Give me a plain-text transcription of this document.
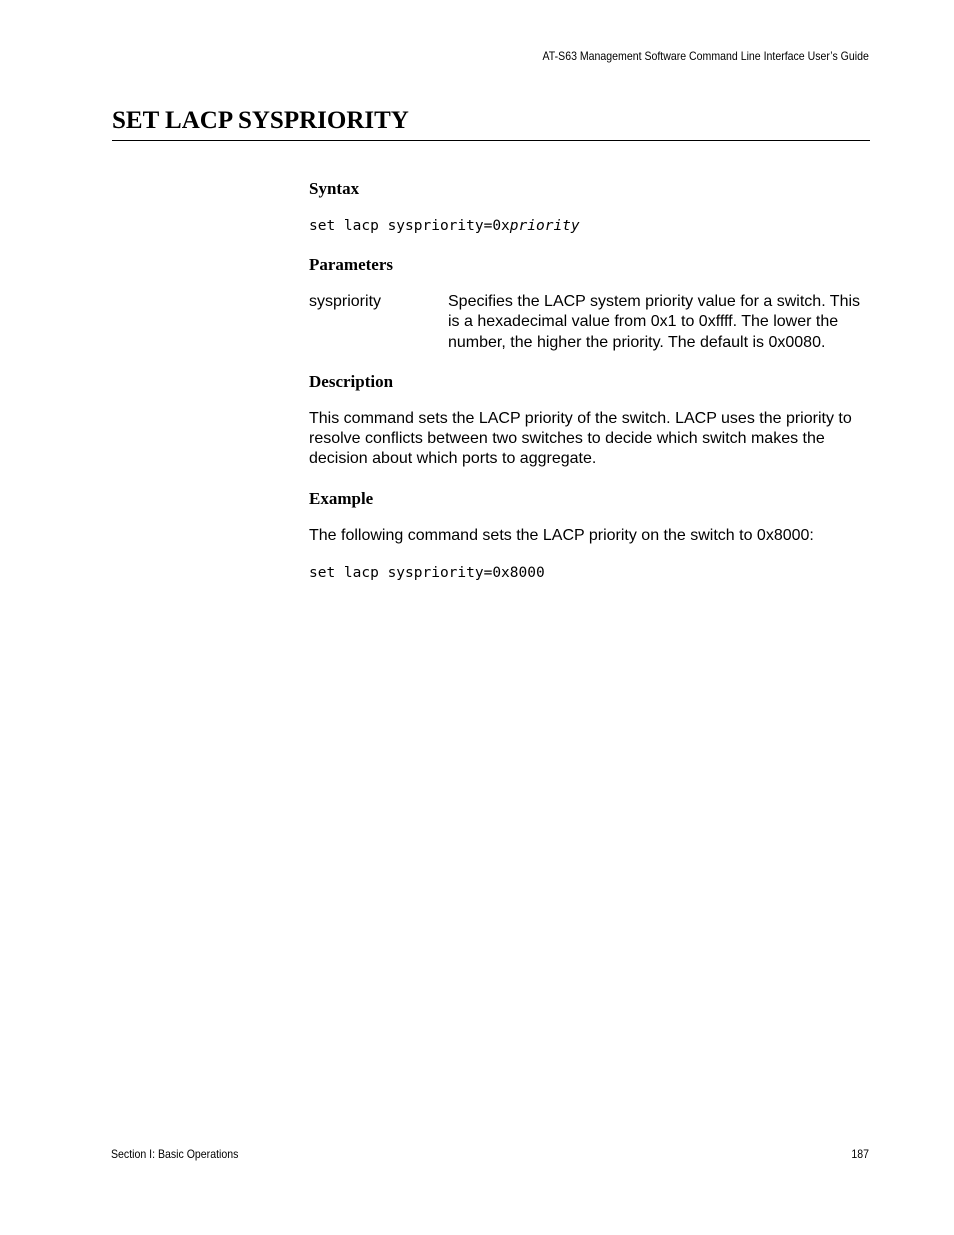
AT-S63 Management Software Command Line Interface User’s Guide
SET LACP SYSPRIORITY
Syntax
set lacp syspriority=0xpriority
Parameters
syspriority	Specifies the LACP system priority value for a switch. This is a hexadecimal value from 0x1 to 0xffff. The lower the number, the higher the priority. The default is 0x0080.
Description

This command sets the LACP priority of the switch. LACP uses the priority to resolve conflicts between two switches to decide which switch makes the decision about which ports to aggregate.

Example

The following command sets the LACP priority on the switch to 0x8000:

set lacp syspriority=0x8000
Section I: Basic Operations	187
